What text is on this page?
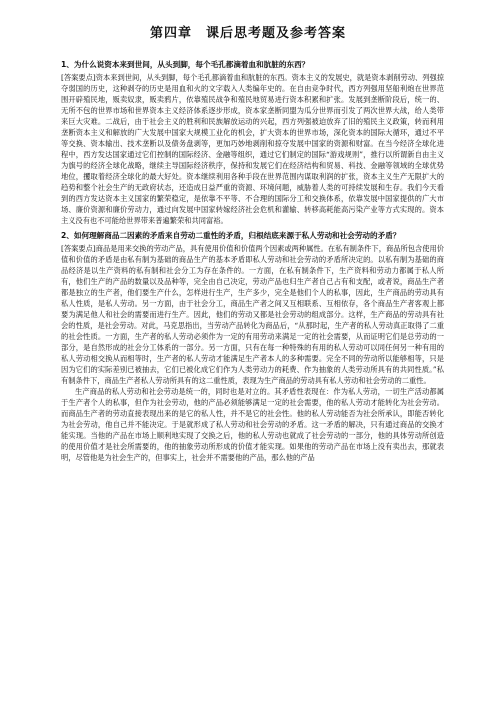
第四章　课后思考题及参考答案
1、为什么说资本来到世间，从头到脚，每个毛孔都滴着血和肮脏的东西？

[答案要点]资本来到世间，从头到脚，每个毛孔都滴着血和肮脏的东西。资本主义的发展史，就是资本剥削劳动、列强掠夺弱国的历史，这种剥夺的历史是用血和火的文字载入人类编年史的。在自由竞争时代，西方列强用坚船利炮在世界范围开辟殖民地，贩卖奴隶，贩卖鸦片，依靠殖民战争和殖民地贸易进行资本积累和扩张。发展到垄断阶段后，统一的、无所不包的世界市场和世界资本主义经济体系逐步形成，资本家垄断同盟为瓜分世界而引发了两次世界大战，给人类带来巨大灾难。二战后，由于社会主义的胜利和民族解放运动的兴起，西方列强被迫放弃了旧的殖民主义政策，转而利用垄断资本主义和解放的广大发展中国家大规模工业化的机会，扩大资本的世界市场，深化资本的国际大循环，通过不平等交换、资本输出、技术垄断以及债务盘剥等，更加巧妙地剥削和掠夺发展中国家的资源和财富。在当今经济全球化进程中，西方发达国家通过它们控制的国际经济、金融等组织，通过它们制定的国际“游戏规则”，推行以所谓新自由主义为旗号的经济全球化战略，继续主导国际经济秩序，保持和发展它们在经济结构和贸易、科技、金融等领域的全球优势地位，攫取着经济全球化的最大好处。资本继续利用各种手段在世界范围内谋取利润的扩张，资本主义生产无限扩大的趋势和整个社会生产的无政府状态，还造成日益严重的资源、环境问题，威胁着人类的可持续发展和生存。我们今天看到的西方发达资本主义国家的繁荣稳定，是依靠不平等、不合理的国际分工和交换体系，依靠发展中国家提供的广大市场、廉价资源和廉价劳动力，通过向发展中国家转嫁经济社会危机和灌输、转移高耗能高污染产业等方式实现的。资本主义没有也不可能给世界带来普遍繁荣和共同富裕。

2、如何理解商品二因素的矛盾来自劳动二重性的矛盾，归根结底来源于私人劳动和社会劳动的矛盾？

[答案要点]商品是用来交换的劳动产品，具有使用价值和价值两个因素或两种属性。在私有制条件下，商品所包含使用价值和价值的矛盾是由私有制为基础的商品生产的基本矛盾即私人劳动和社会劳动的矛盾所决定的。以私有制为基础的商品经济是以生产资料的私有制和社会分工为存在条件的。一方面，在私有制条件下，生产资料和劳动力都属于私人所有，他们生产的产品的数量以及品种等，完全由自己决定，劳动产品也归生产者自己占有和支配，或者说，商品生产者都是独立的生产者，他们要生产什么，怎样进行生产，生产多少，完全是他们个人的私事，因此，生产商品的劳动具有私人性质，是私人劳动。另一方面，由于社会分工，商品生产者之间又互相联系、互相依存，各个商品生产者客观上都要为满足他人和社会的需要而进行生产。因此，他们的劳动又都是社会劳动的组成部分。这样，生产商品的劳动具有社会的性质，是社会劳动。对此，马克思指出，当劳动产品转化为商品后，“从那时起，生产者的私人劳动真正取得了二重的社会性质。一方面，生产者的私人劳动必须作为一定的有用劳动来满足一定的社会需要，从而证明它们是总劳动的一部分，是自然形成的社会分工体系的一部分。另一方面，只有在每一种特殊的有用的私人劳动可以同任何另一种有用的私人劳动相交换从而相等时，生产者的私人劳动才能满足生产者本人的多种需要。完全不同的劳动所以能够相等，只是因为它们的实际差别已被抽去，它们已被化成它们作为人类劳动力的耗费、作为抽象的人类劳动所具有的共同性质。”私有制条件下，商品生产者私人劳动所具有的这二重性质，表现为生产商品的劳动具有私人劳动和社会劳动的二重性。

生产商品的私人劳动和社会劳动是统一的，同时也是对立的。其矛盾性表现在：作为私人劳动，一切生产活动都属于生产者个人的私事，但作为社会劳动，他的产品必须能够满足一定的社会需要，他的私人劳动才能转化为社会劳动。而商品生产者的劳动直接表现出来的是它的私人性，并不是它的社会性。他的私人劳动能否为社会所承认，即能否转化为社会劳动，他自己并不能决定。于是就形成了私人劳动和社会劳动的矛盾。这一矛盾的解决，只有通过商品的交换才能实现。当他的产品在市场上顺利地实现了交换之后，他的私人劳动也就成了社会劳动的一部分，他的具体劳动所创造的使用价值才是社会所需要的，他的抽象劳动所形成的价值才能实现。如果他的劳动产品在市场上没有卖出去，那就表明，尽管他是为社会生产的，但事实上，社会并不需要他的产品，那么他的产品
